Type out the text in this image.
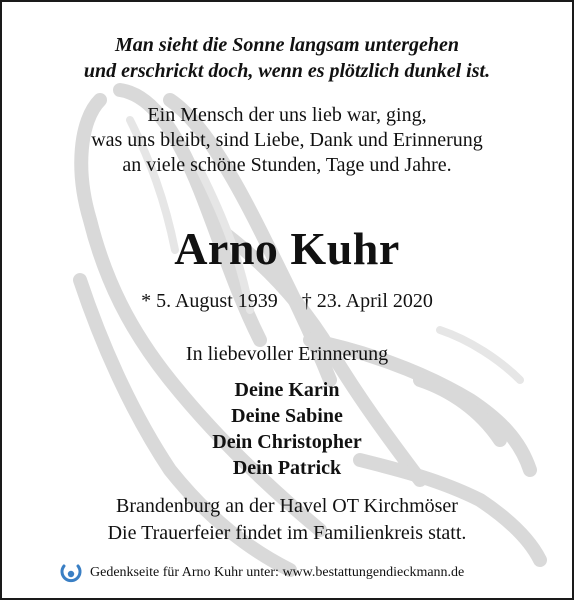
Man sieht die Sonne langsam untergehen
und erschrickt doch, wenn es plötzlich dunkel ist.
Ein Mensch der uns lieb war, ging,
was uns bleibt, sind Liebe, Dank und Erinnerung
an viele schöne Stunden, Tage und Jahre.
Arno Kuhr
* 5. August 1939 † 23. April 2020
In liebevoller Erinnerung
Deine Karin
Deine Sabine
Dein Christopher
Dein Patrick
Brandenburg an der Havel OT Kirchmöser
Die Trauerfeier findet im Familienkreis statt.
Gedenkseite für Arno Kuhr unter: www.bestattungendieckmann.de
